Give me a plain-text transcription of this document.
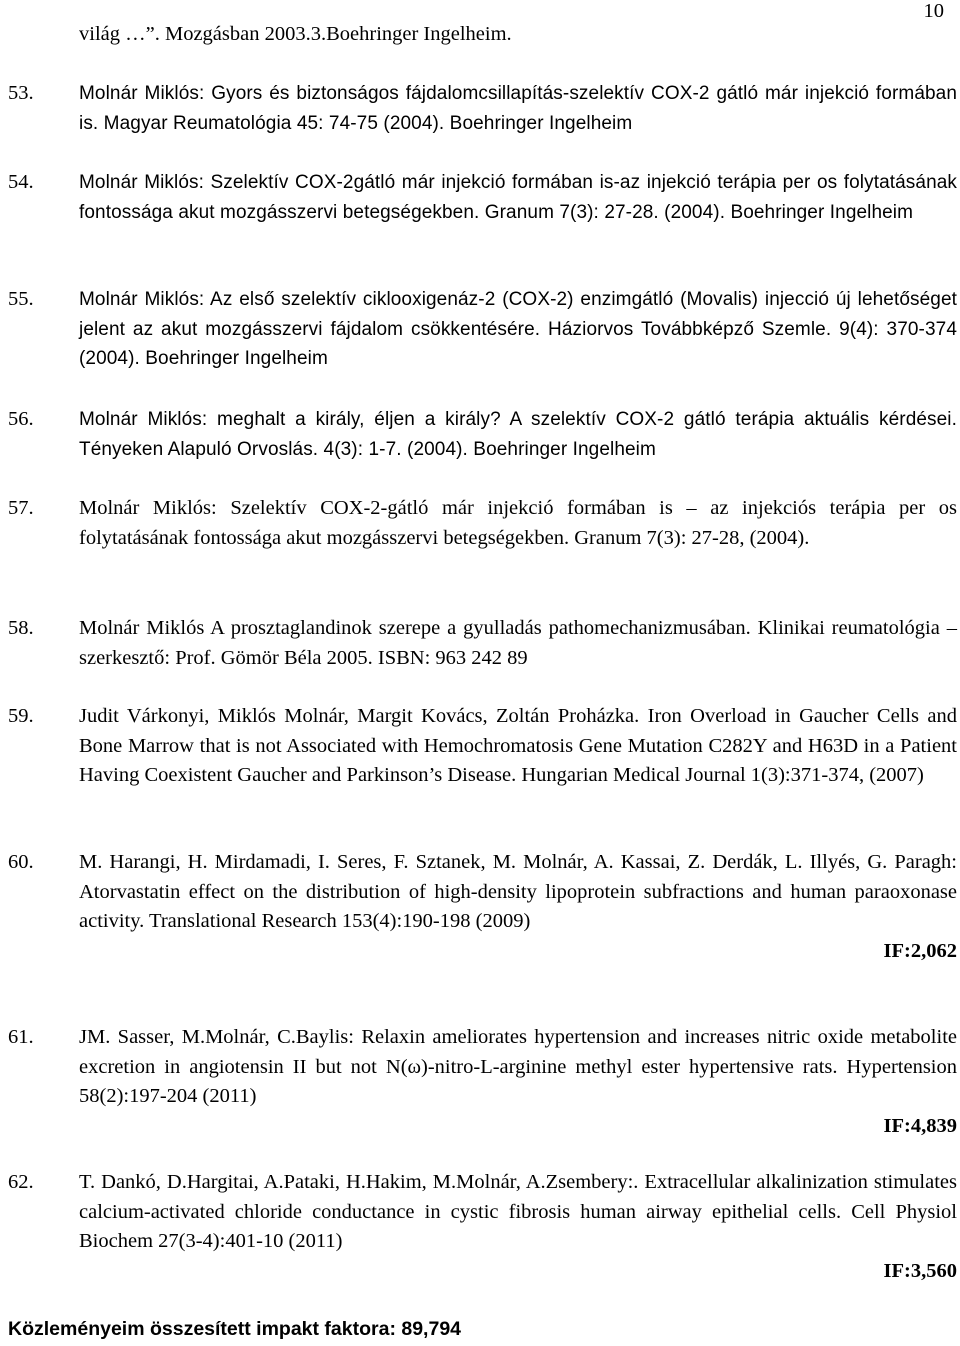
10
világ …”. Mozgásban 2003.3.Boehringer Ingelheim.
53. Molnár Miklós: Gyors és biztonságos fájdalomcsillapítás-szelektív COX-2 gátló már injekció formában is. Magyar Reumatológia 45: 74-75 (2004). Boehringer Ingelheim
54. Molnár Miklós: Szelektív COX-2gátló már injekció formában is-az injekció terápia per os folytatásának fontossága akut mozgásszervi betegségekben. Granum 7(3): 27-28. (2004). Boehringer Ingelheim
55. Molnár Miklós: Az első szelektív ciklooxigenáz-2 (COX-2) enzimgátló (Movalis) injecció új lehetőséget jelent az akut mozgásszervi fájdalom csökkentésére. Háziorvos Továbbképző Szemle. 9(4): 370-374 (2004). Boehringer Ingelheim
56. Molnár Miklós: meghalt a király, éljen a király? A szelektív COX-2 gátló terápia aktuális kérdései. Tényeken Alapuló Orvoslás. 4(3): 1-7. (2004). Boehringer Ingelheim
57. Molnár Miklós: Szelektív COX-2-gátló már injekció formában is – az injekciós terápia per os folytatásának fontossága akut mozgásszervi betegségekben. Granum 7(3): 27-28, (2004).
58. Molnár Miklós A prosztaglandinok szerepe a gyulladás pathomechanizmusában. Klinikai reumatológia – szerkesztő: Prof. Gömör Béla 2005. ISBN: 963 242 89
59. Judit Várkonyi, Miklós Molnár, Margit Kovács, Zoltán Proházka. Iron Overload in Gaucher Cells and Bone Marrow that is not Associated with Hemochromatosis Gene Mutation C282Y and H63D in a Patient Having Coexistent Gaucher and Parkinson’s Disease. Hungarian Medical Journal 1(3):371-374, (2007)
60. M. Harangi, H. Mirdamadi, I. Seres, F. Sztanek, M. Molnár, A. Kassai, Z. Derdák, L. Illyés, G. Paragh: Atorvastatin effect on the distribution of high-density lipoprotein subfractions and human paraoxonase activity. Translational Research 153(4):190-198 (2009)
IF:2,062
61. JM. Sasser, M.Molnár, C.Baylis: Relaxin ameliorates hypertension and increases nitric oxide metabolite excretion in angiotensin II but not N(ω)-nitro-L-arginine methyl ester hypertensive rats. Hypertension 58(2):197-204 (2011)
IF:4,839
62. T. Dankó, D.Hargitai, A.Pataki, H.Hakim, M.Molnár, A.Zsembery:. Extracellular alkalinization stimulates calcium-activated chloride conductance in cystic fibrosis human airway epithelial cells. Cell Physiol Biochem 27(3-4):401-10 (2011)
IF:3,560
Közleményeim összesített impakt faktora: 89,794
